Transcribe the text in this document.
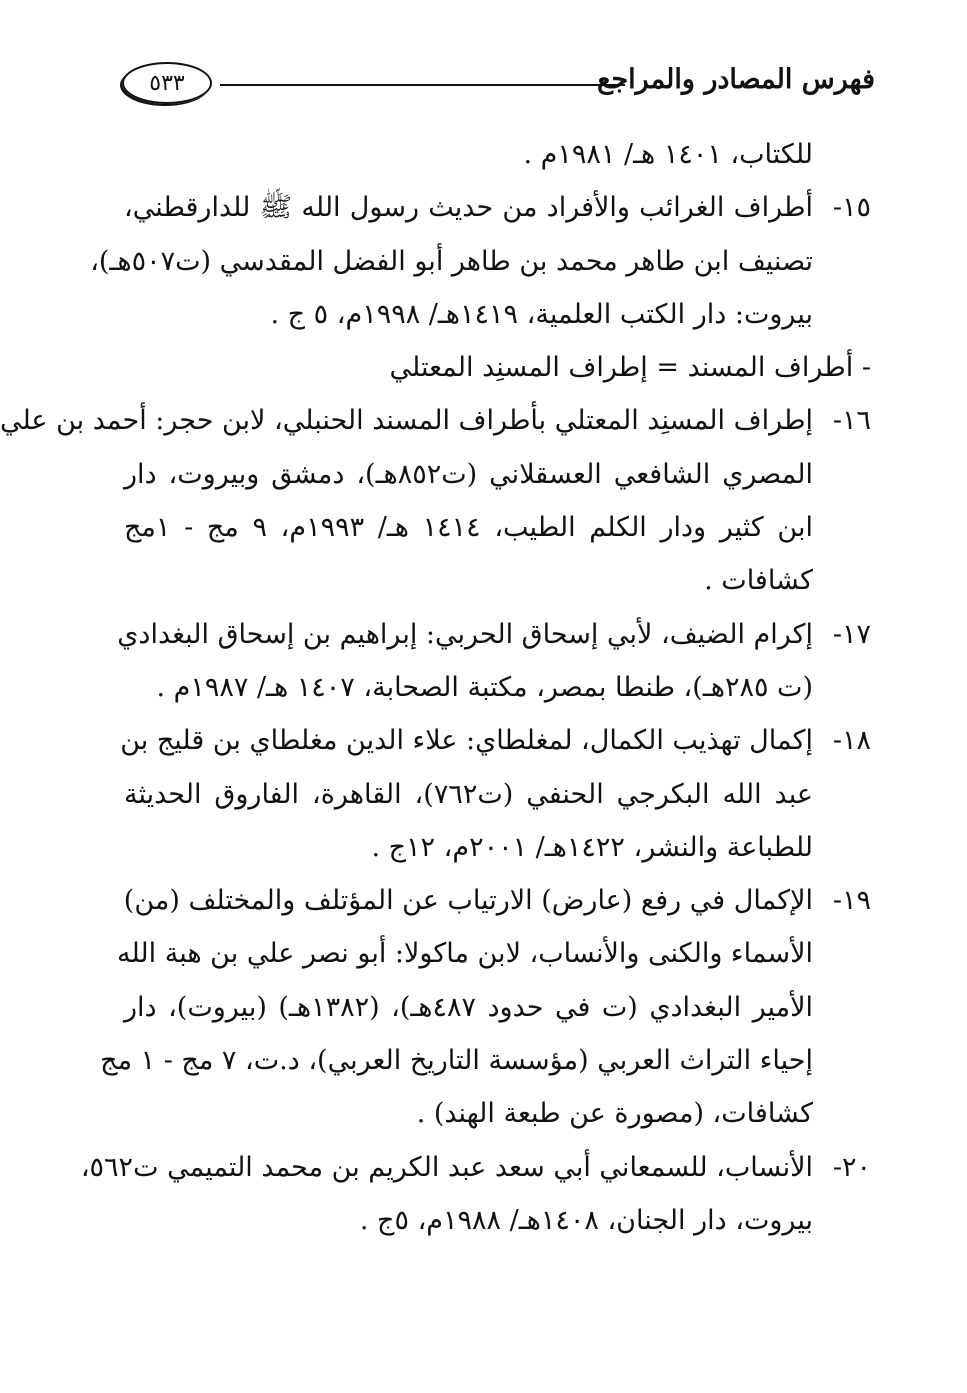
فهرس المصادر والمراجع
٥٣٣
للكتاب، ١٤٠١ هـ/ ١٩٨١م .
١٥-
أطراف الغرائب والأفراد من حديث رسول الله ﷺ للدارقطني،
تصنيف ابن طاهر محمد بن طاهر أبو الفضل المقدسي (ت٥٠٧هـ)،
بيروت: دار الكتب العلمية، ١٤١٩هـ/ ١٩٩٨م، ٥ ج .
- أطراف المسند = إطراف المسنِد المعتلي
١٦-
إطراف المسنِد المعتلي بأطراف المسند الحنبلي، لابن حجر: أحمد بن علي
المصري الشافعي العسقلاني (ت٨٥٢هـ)، دمشق وبيروت، دار
ابن كثير ودار الكلم الطيب، ١٤١٤ هـ/ ١٩٩٣م، ٩ مج - ١مج
كشافات .
١٧-
إكرام الضيف، لأبي إسحاق الحربي: إبراهيم بن إسحاق البغدادي
(ت ٢٨٥هـ)، طنطا بمصر، مكتبة الصحابة، ١٤٠٧ هـ/ ١٩٨٧م .
١٨-
إكمال تهذيب الكمال، لمغلطاي: علاء الدين مغلطاي بن قليج بن
عبد الله البكرجي الحنفي (ت٧٦٢)، القاهرة، الفاروق الحديثة
للطباعة والنشر، ١٤٢٢هـ/ ٢٠٠١م، ١٢ج .
١٩-
الإكمال في رفع (عارض) الارتياب عن المؤتلف والمختلف (من)
الأسماء والكنى والأنساب، لابن ماكولا: أبو نصر علي بن هبة الله
الأمير البغدادي (ت في حدود ٤٨٧هـ)، (١٣٨٢هـ) (بيروت)، دار
إحياء التراث العربي (مؤسسة التاريخ العربي)، د.ت، ٧ مج - ١ مج
كشافات، (مصورة عن طبعة الهند) .
٢٠-
الأنساب، للسمعاني أبي سعد عبد الكريم بن محمد التميمي ت٥٦٢،
بيروت، دار الجنان، ١٤٠٨هـ/ ١٩٨٨م، ٥ج .
